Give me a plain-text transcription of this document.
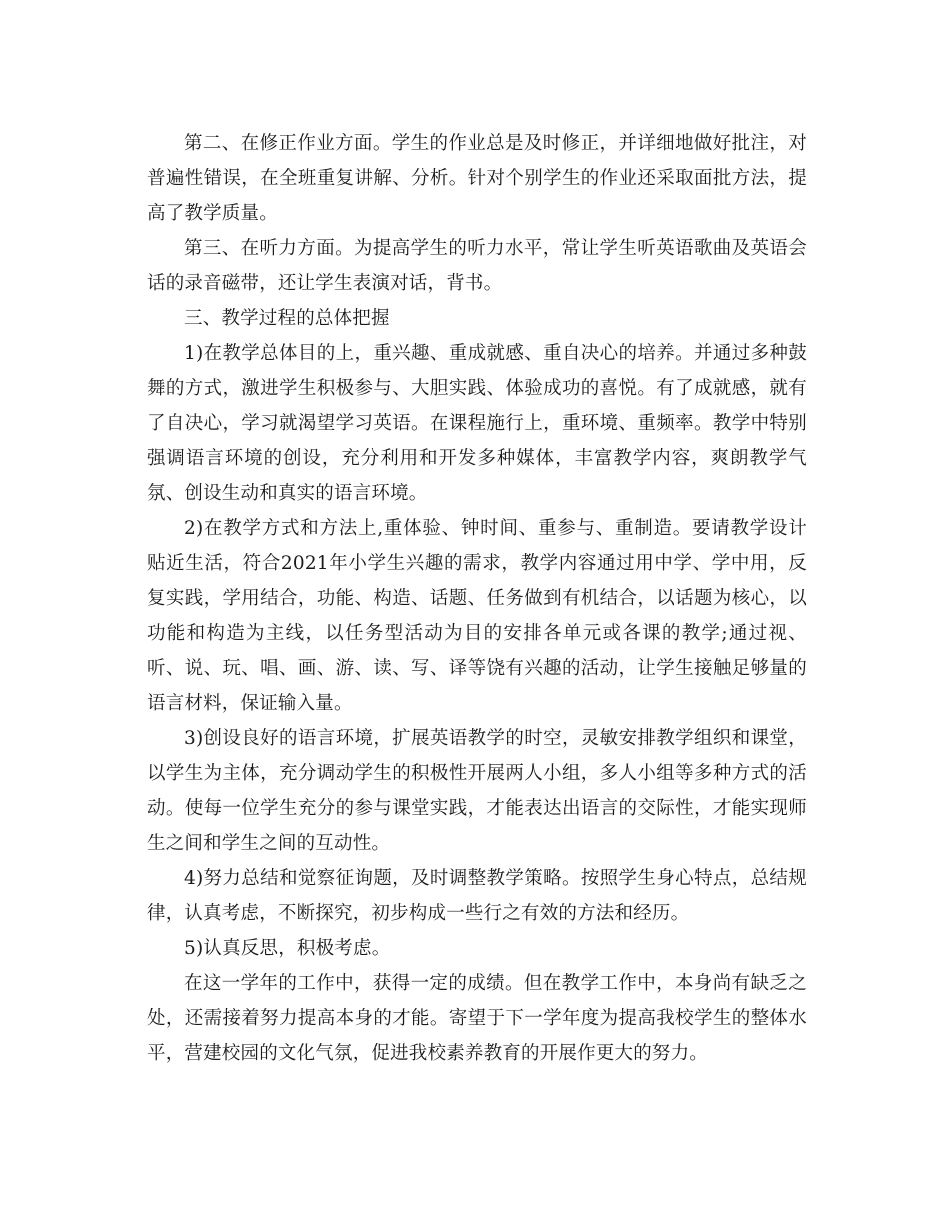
第二、在修正作业方面。学生的作业总是及时修正，并详细地做好批注，对普遍性错误，在全班重复讲解、分析。针对个别学生的作业还采取面批方法，提高了教学质量。

第三、在听力方面。为提高学生的听力水平，常让学生听英语歌曲及英语会话的录音磁带，还让学生表演对话，背书。

三、教学过程的总体把握

1)在教学总体目的上，重兴趣、重成就感、重自决心的培养。并通过多种鼓舞的方式，激进学生积极参与、大胆实践、体验成功的喜悦。有了成就感，就有了自决心，学习就渴望学习英语。在课程施行上，重环境、重频率。教学中特别强调语言环境的创设，充分利用和开发多种媒体，丰富教学内容，爽朗教学气氛、创设生动和真实的语言环境。

2)在教学方式和方法上,重体验、钟时间、重参与、重制造。要请教学设计贴近生活，符合2021年小学生兴趣的需求，教学内容通过用中学、学中用，反复实践，学用结合，功能、构造、话题、任务做到有机结合，以话题为核心，以功能和构造为主线，以任务型活动为目的安排各单元或各课的教学;通过视、听、说、玩、唱、画、游、读、写、译等饶有兴趣的活动，让学生接触足够量的语言材料，保证输入量。

3)创设良好的语言环境，扩展英语教学的时空，灵敏安排教学组织和课堂，以学生为主体，充分调动学生的积极性开展两人小组，多人小组等多种方式的活动。使每一位学生充分的参与课堂实践，才能表达出语言的交际性，才能实现师生之间和学生之间的互动性。

4)努力总结和觉察征询题，及时调整教学策略。按照学生身心特点，总结规律，认真考虑，不断探究，初步构成一些行之有效的方法和经历。

5)认真反思，积极考虑。

在这一学年的工作中，获得一定的成绩。但在教学工作中，本身尚有缺乏之处，还需接着努力提高本身的才能。寄望于下一学年度为提高我校学生的整体水平，营建校园的文化气氛，促进我校素养教育的开展作更大的努力。
